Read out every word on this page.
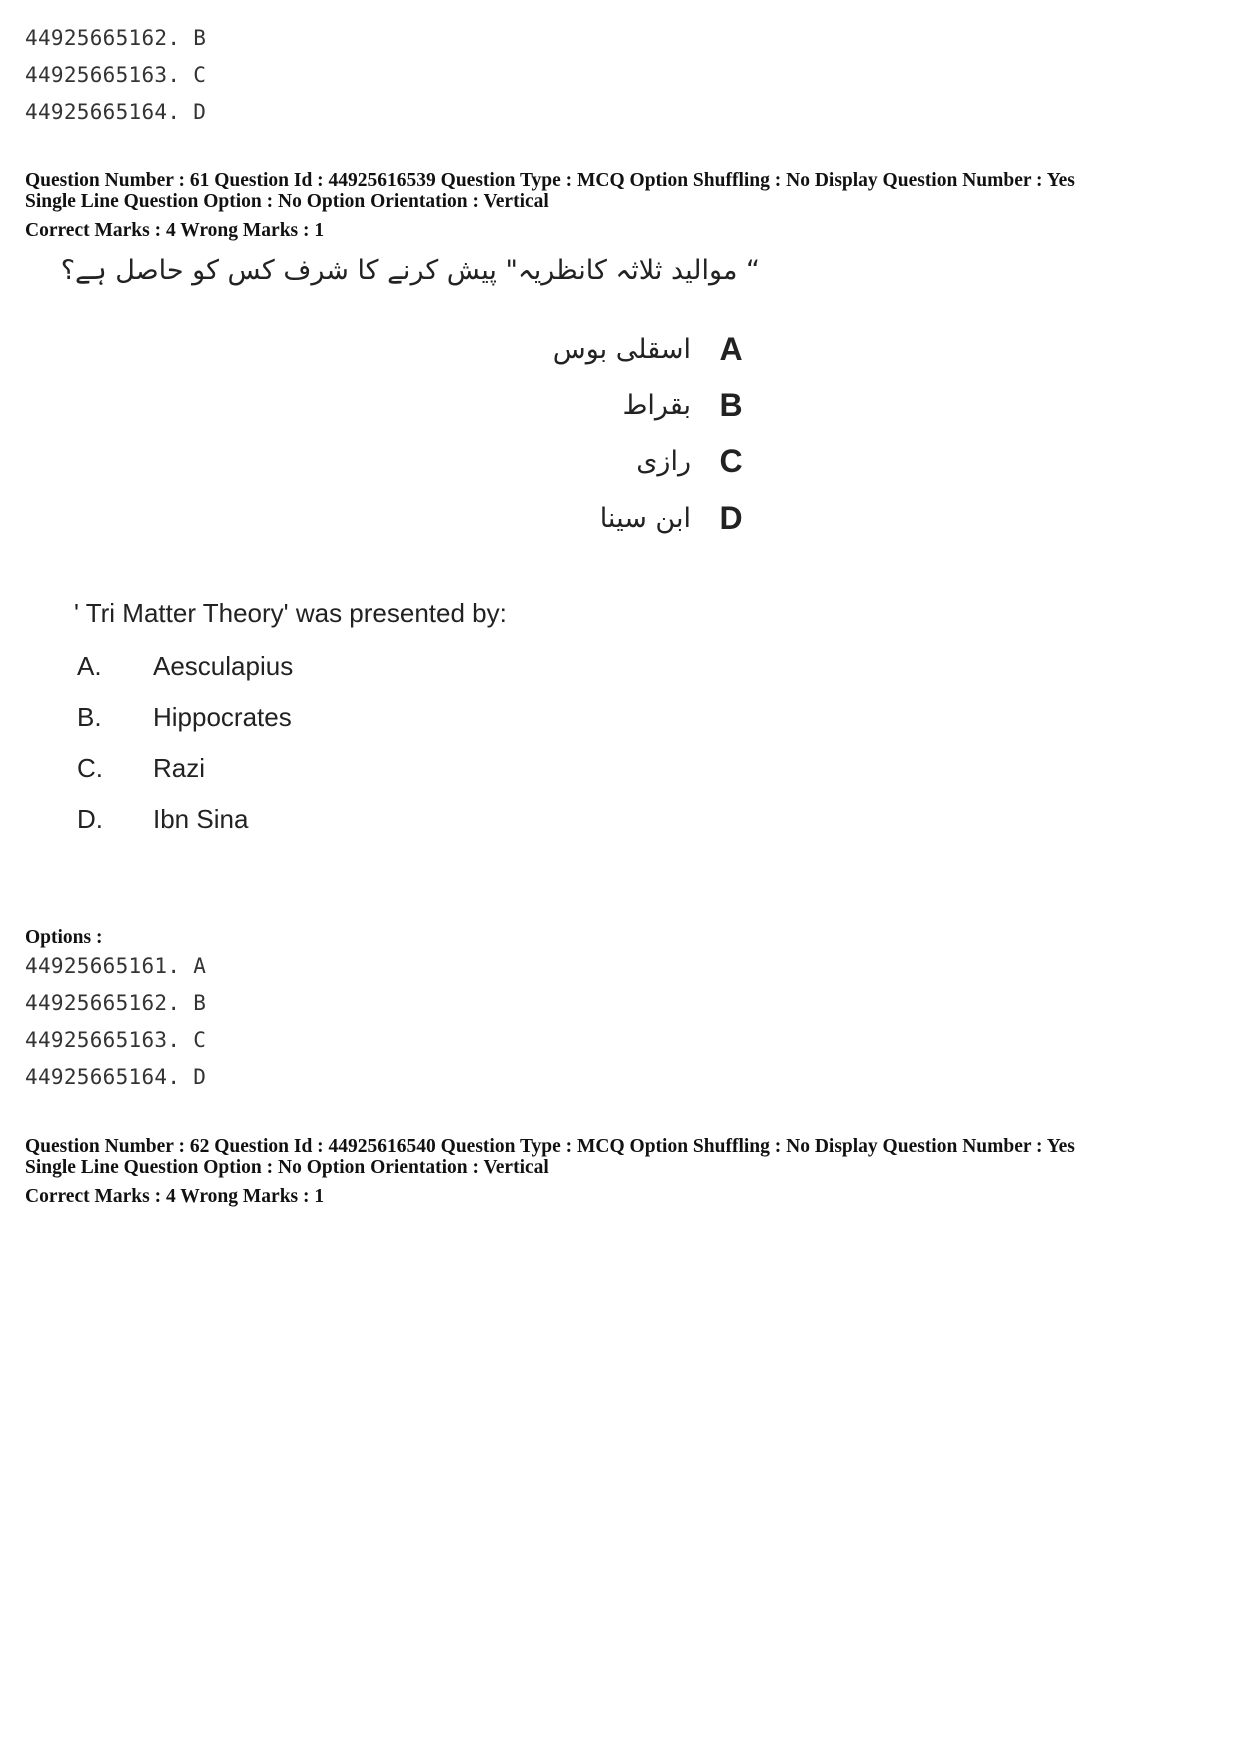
44925665162. B
44925665163. C
44925665164. D
Question Number : 61 Question Id : 44925616539 Question Type : MCQ Option Shuffling : No Display Question Number : Yes
Single Line Question Option : No Option Orientation : Vertical
Correct Marks : 4 Wrong Marks : 1
“ موالید ثلاثہ کانظریہ" پیش کرنے کا شرف کس کو حاصل ہے؟
اسقلی بوس A
بقراط B
رازی C
ابن سینا D
' Tri Matter Theory' was presented by:
A.	Aesculapius
B.	Hippocrates
C.	Razi
D.	Ibn Sina
Options :
44925665161. A
44925665162. B
44925665163. C
44925665164. D
Question Number : 62 Question Id : 44925616540 Question Type : MCQ Option Shuffling : No Display Question Number : Yes
Single Line Question Option : No Option Orientation : Vertical
Correct Marks : 4 Wrong Marks : 1
